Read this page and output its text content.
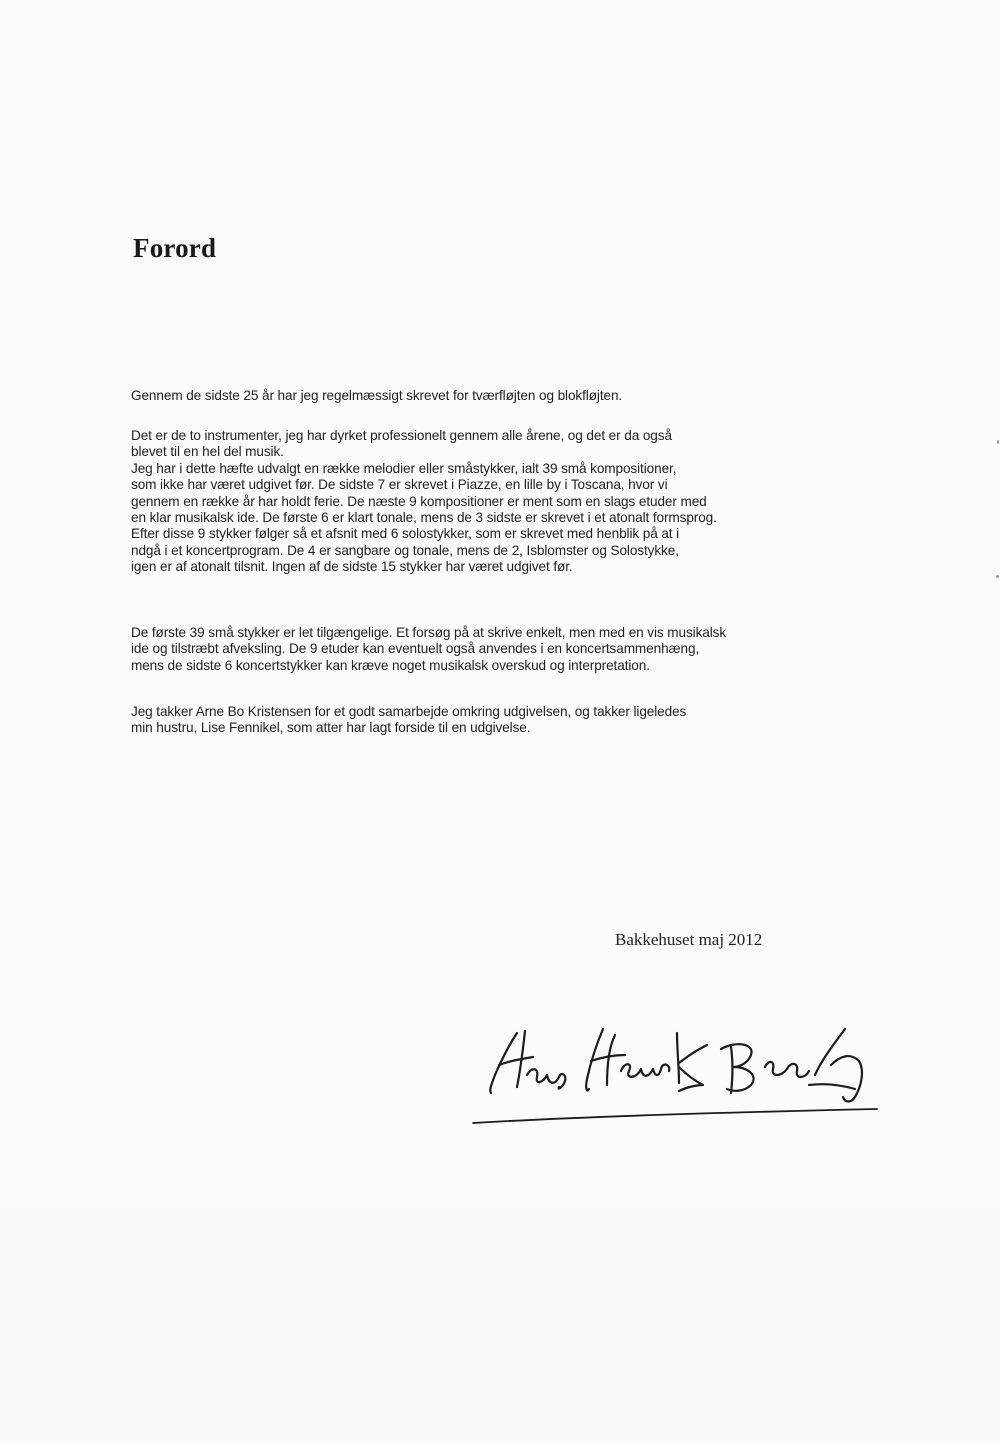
Forord

Gennem de sidste 25 år har jeg regelmæssigt skrevet for tværfløjten og blokfløjten.

Det er de to instrumenter, jeg har dyrket professionelt gennem alle årene, og det er da også
blevet til en hel del musik.
Jeg har i dette hæfte udvalgt en række melodier eller småstykker, ialt 39 små kompositioner,
som ikke har været udgivet før. De sidste 7 er skrevet i Piazze, en lille by i Toscana, hvor vi
gennem en række år har holdt ferie. De næste 9 kompositioner er ment som en slags etuder med
en klar musikalsk ide. De første 6 er klart tonale, mens de 3 sidste er skrevet i et atonalt formsprog.
Efter disse 9 stykker følger så et afsnit med 6 solostykker, som er skrevet med henblik på at i
ndgå i et koncertprogram. De 4 er sangbare og tonale, mens de 2, Isblomster og Solostykke,
igen er af atonalt tilsnit. Ingen af de sidste 15 stykker har været udgivet før.

De første 39 små stykker er let tilgængelige. Et forsøg på at skrive enkelt, men med en vis musikalsk
ide og tilstræbt afveksling. De 9 etuder kan eventuelt også anvendes i en koncertsammenhæng,
mens de sidste 6 koncertstykker kan kræve noget musikalsk overskud og interpretation.

Jeg takker Arne Bo Kristensen for et godt samarbejde omkring udgivelsen, og takker ligeledes
min hustru, Lise Fennikel, som atter har lagt forside til en udgivelse.

Bakkehuset maj 2012
